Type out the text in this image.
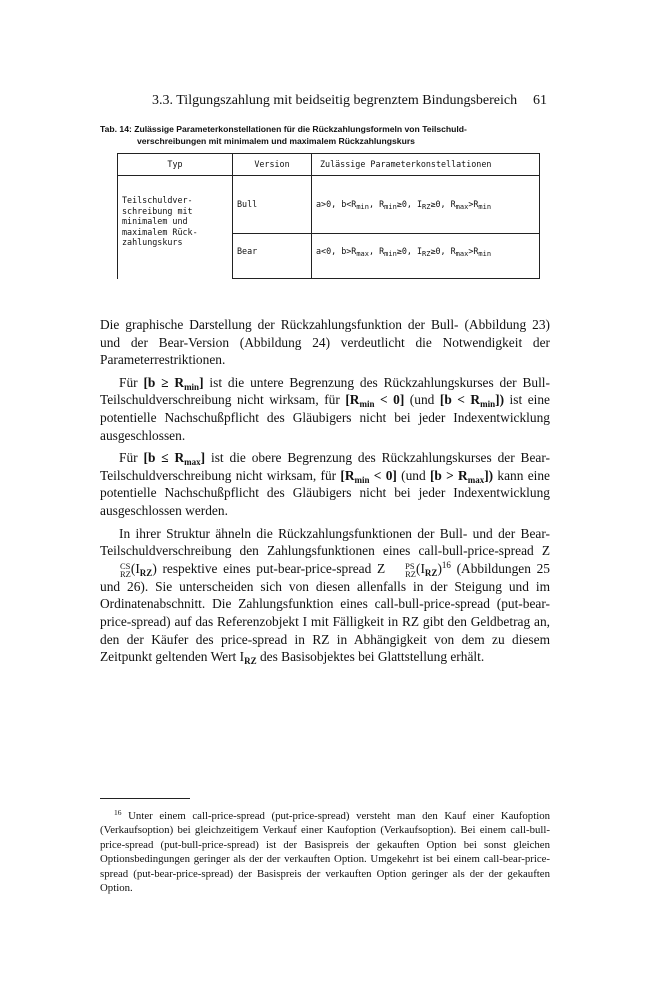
3.3. Tilgungszahlung mit beidseitig begrenztem Bindungsbereich 61
Tab. 14: Zulässige Parameterkonstellationen für die Rückzahlungsformeln von Teilschuld-
verschreibungen mit minimalem und maximalem Rückzahlungskurs
Typ	Version	Zulässige Parameterkonstellationen
Teilschuldver- schreibung mit minimalem und maximalem Rück- zahlungskurs	Bull	a>0, $b<R_{min}$, $R_{min}\ge 0$, $I_{RZ}\ge 0$, $R_{max}>R_{min}$
	Bear	a<0, $b>R_{max}$, $R_{min}\ge 0$, $I_{RZ}\ge 0$, $R_{max}>R_{min}$

Die graphische Darstellung der Rückzahlungsfunktion der Bull- (Abbildung 23) und der Bear-Version (Abbildung 24) verdeutlicht die Notwendigkeit der Parameterrestriktionen.

Für $[b \ge R_{min}]$ ist die untere Begrenzung des Rückzahlungskurses der Bull-Teilschuldverschreibung nicht wirksam, für $[R_{min} < 0]$ (und $[b < R_{min}]$) ist eine potentielle Nachschußpflicht des Gläubigers nicht bei jeder Indexentwicklung ausgeschlossen.

Für $[b \le R_{max}]$ ist die obere Begrenzung des Rückzahlungskurses der Bear-Teilschuldverschreibung nicht wirksam, für $[R_{min} < 0]$ (und $[b > R_{max}]$) kann eine potentielle Nachschußpflicht des Gläubigers nicht bei jeder Indexentwicklung ausgeschlossen werden.

In ihrer Struktur ähneln die Rückzahlungsfunktionen der Bull- und der Bear-Teilschuldverschreibung den Zahlungsfunktionen eines call-bull-price-spread Z
CS
RZ $(I_{RZ})$ respektive eines put-bear-price-spread Z	PS
RZ $(I_{RZ})^{16}$ (Abbildungen 25 und 26). Sie unterscheiden sich von diesen allenfalls in der Steigung und im Ordinatenabschnitt. Die Zahlungsfunktion eines call-bull-price-spread (put-bear-price-spread) auf das Referenzobjekt I mit Fälligkeit in RZ gibt den Geldbetrag an, den der Käufer des price-spread in RZ in Abhängigkeit von dem zu diesem Zeitpunkt geltenden Wert $I_{RZ}$ des Basisobjektes bei Glattstellung erhält.

$^{16}$ Unter einem call-price-spread (put-price-spread) versteht man den Kauf einer Kaufoption (Verkaufsoption) bei gleichzeitigem Verkauf einer Kaufoption (Verkaufsoption). Bei einem call-bull-price-spread (put-bull-price-spread) ist der Basispreis der gekauften Option bei sonst gleichen Optionsbedingungen geringer als der der verkauften Option. Umgekehrt ist bei einem call-bear-price-spread (put-bear-price-spread) der Basispreis der verkauften Option geringer als der der gekauften Option.
